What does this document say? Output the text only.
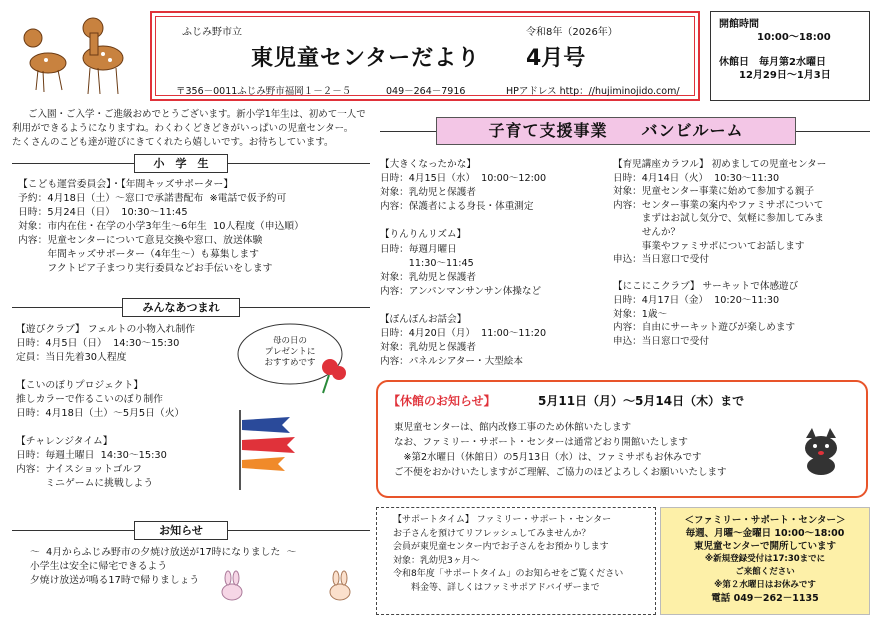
ふじみ野市立	令和8年（2026年）
東児童センターだより 4月号
〒356－0011ふじみ野市福岡１－２－５	049－264－7916	HPアドレス http：//hujiminojido.com/
開館時間
10:00～18:00
休館日　毎月第2水曜日
12月29日～1月3日
ご入園・ご入学・ご進級おめでとうございます。新小学1年生は、初めて一人で
利用ができるようになりますね。わくわくどきどきがいっぱいの児童センター。
たくさんのこども達が遊びにきてくれたら嬉しいです。お待ちしています。
小　学　生
【こども運営委員会】・【年間キッズサポーター】
予約：4月18日（土）～窓口で承諾書配布  ※電話で仮予約可
日時：5月24日（日）  10:30～11:45
対象：市内在住・在学の小学3年生～6年生  10人程度（申込順）
内容：児童センターについて意見交換や窓口、放送体験
　　　年間キッズサポーター（4年生～）も募集します
　　　フクトピア子まつり実行委員などお手伝いをします
みんなあつまれ
【遊びクラブ】 フェルトの小物入れ制作
日時：4月5日（日）  14:30～15:30
定員：当日先着30人程度

【こいのぼりプロジェクト】
推しカラーで作るこいのぼり制作
日時：4月18日（土）～5月5日（火）

【チャレンジタイム】
日時：毎週土曜日  14:30～15:30
内容：ナイスショットゴルフ
　　　ミニゲームに挑戦しよう
母の日の
プレゼントに
おすすめです
お知らせ
～  4月からふじみ野市の夕焼け放送が17時になりました  ～
小学生は安全に帰宅できるよう
夕焼け放送が鳴る17時で帰りましょう
子育て支援事業　　バンビルーム
【大きくなったかな】
日時：4月15日（水）  10:00～12:00
対象：乳幼児と保護者
内容：保護者による身長・体重測定

【りんりんリズム】
日時：毎週月曜日
　　　11:30～11:45
対象：乳幼児と保護者
内容：アンパンマンサンサン体操など

【ぽんぽんお話会】
日時：4月20日（月）  11:00～11:20
対象：乳幼児と保護者
内容：パネルシアター・大型絵本
【育児講座カラフル】 初めましての児童センター
日時：4月14日（火）  10:30～11:30
対象：児童センター事業に始めて参加する親子
内容：センター事業の案内やファミサポについて
　　　まずはお試し気分で、気軽に参加してみま
　　　せんか？
　　　事業やファミサポについてお話します
申込：当日窓口で受付

【にこにこクラブ】 サーキットで体感遊び
日時：4月17日（金）  10:20～11:30
対象：1歳～
内容：自由にサーキット遊びが楽しめます
申込：当日窓口で受付
【休館のお知らせ】	5月11日（月）～5月14日（木）まで
東児童センターは、館内改修工事のため休館いたします
なお、ファミリー・サポート・センターは通常どおり開館いたします
　※第2水曜日（休館日）の5月13日（水）は、ファミサポもお休みです
ご不便をおかけいたしますがご理解、ご協力のほどよろしくお願いいたします
【サポートタイム】 ファミリー・サポート・センター
お子さんを預けてリフレッシュしてみませんか？
会員が東児童センター内でお子さんをお預かりします
対象：乳幼児3ヶ月～
令和8年度「サポートタイム」のお知らせをご覧ください
　　料金等、詳しくはファミサポアドバイザーまで
＜ファミリー・サポート・センター＞
毎週、月曜～金曜日 10:00～18:00
東児童センターで開所しています
※新規登録受付は17:30までに
ご来館ください
※第２水曜日はお休みです
電話 049－262－1135
